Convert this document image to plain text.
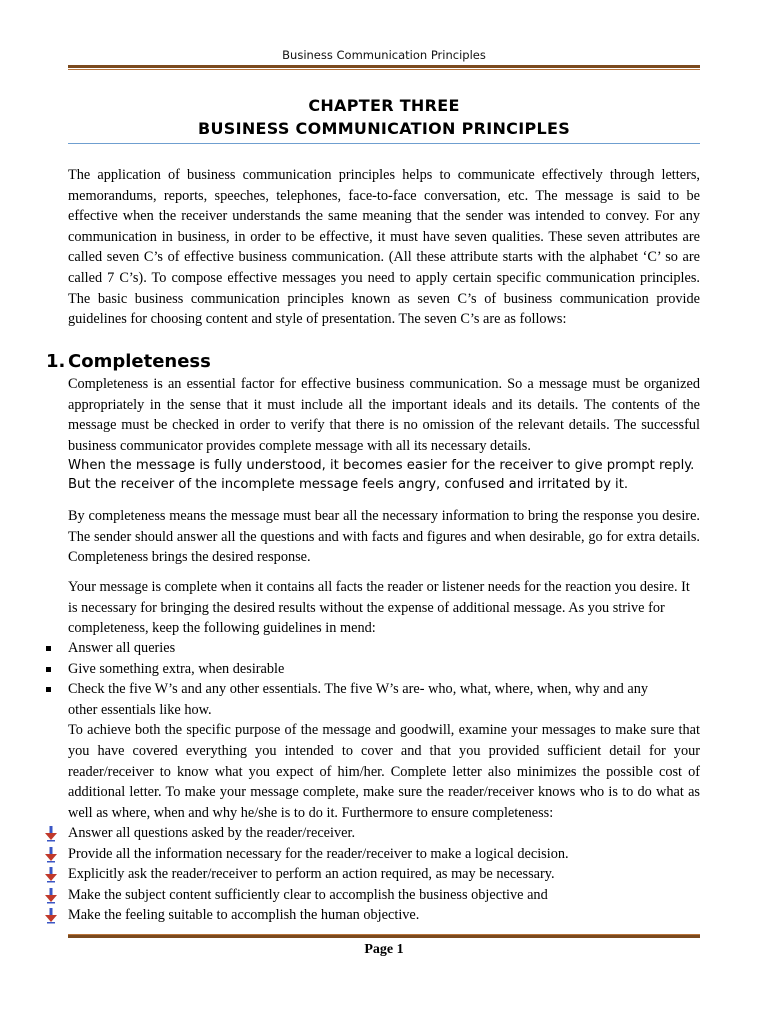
Business Communication Principles
CHAPTER THREE
BUSINESS COMMUNICATION PRINCIPLES
The application of business communication principles helps to communicate effectively through letters, memorandums, reports, speeches, telephones, face-to-face conversation, etc. The message is said to be effective when the receiver understands the same meaning that the sender was intended to convey. For any communication in business, in order to be effective, it must have seven qualities. These seven attributes are called seven C’s of effective business communication. (All these attribute starts with the alphabet ‘C’ so are called 7 C’s). To compose effective messages you need to apply certain specific communication principles. The basic business communication principles known as seven C’s of business communication provide guidelines for choosing content and style of presentation. The seven C’s are as follows:
1. Completeness
Completeness is an essential factor for effective business communication. So a message must be organized appropriately in the sense that it must include all the important ideals and its details. The contents of the message must be checked in order to verify that there is no omission of the relevant details. The successful business communicator provides complete message with all its necessary details.
When the message is fully understood, it becomes easier for the receiver to give prompt reply. But the receiver of the incomplete message feels angry, confused and irritated by it.
By completeness means the message must bear all the necessary information to bring the response you desire. The sender should answer all the questions and with facts and figures and when desirable, go for extra details. Completeness brings the desired response.
Your message is complete when it contains all facts the reader or listener needs for the reaction you desire. It is necessary for bringing the desired results without the expense of additional message. As you strive for completeness, keep the following guidelines in mend:
Answer all queries
Give something extra, when desirable
Check the five W’s and any other essentials. The five W’s are- who, what, where, when, why and any other essentials like how.
To achieve both the specific purpose of the message and goodwill, examine your messages to make sure that you have covered everything you intended to cover and that you provided sufficient detail for your reader/receiver to know what you expect of him/her. Complete letter also minimizes the possible cost of additional letter. To make your message complete, make sure the reader/receiver knows who is to do what as well as where, when and why he/she is to do it. Furthermore to ensure completeness:
Answer all questions asked by the reader/receiver.
Provide all the information necessary for the reader/receiver to make a logical decision.
Explicitly ask the reader/receiver to perform an action required, as may be necessary.
Make the subject content sufficiently clear to accomplish the business objective and
Make the feeling suitable to accomplish the human objective.
Page 1
